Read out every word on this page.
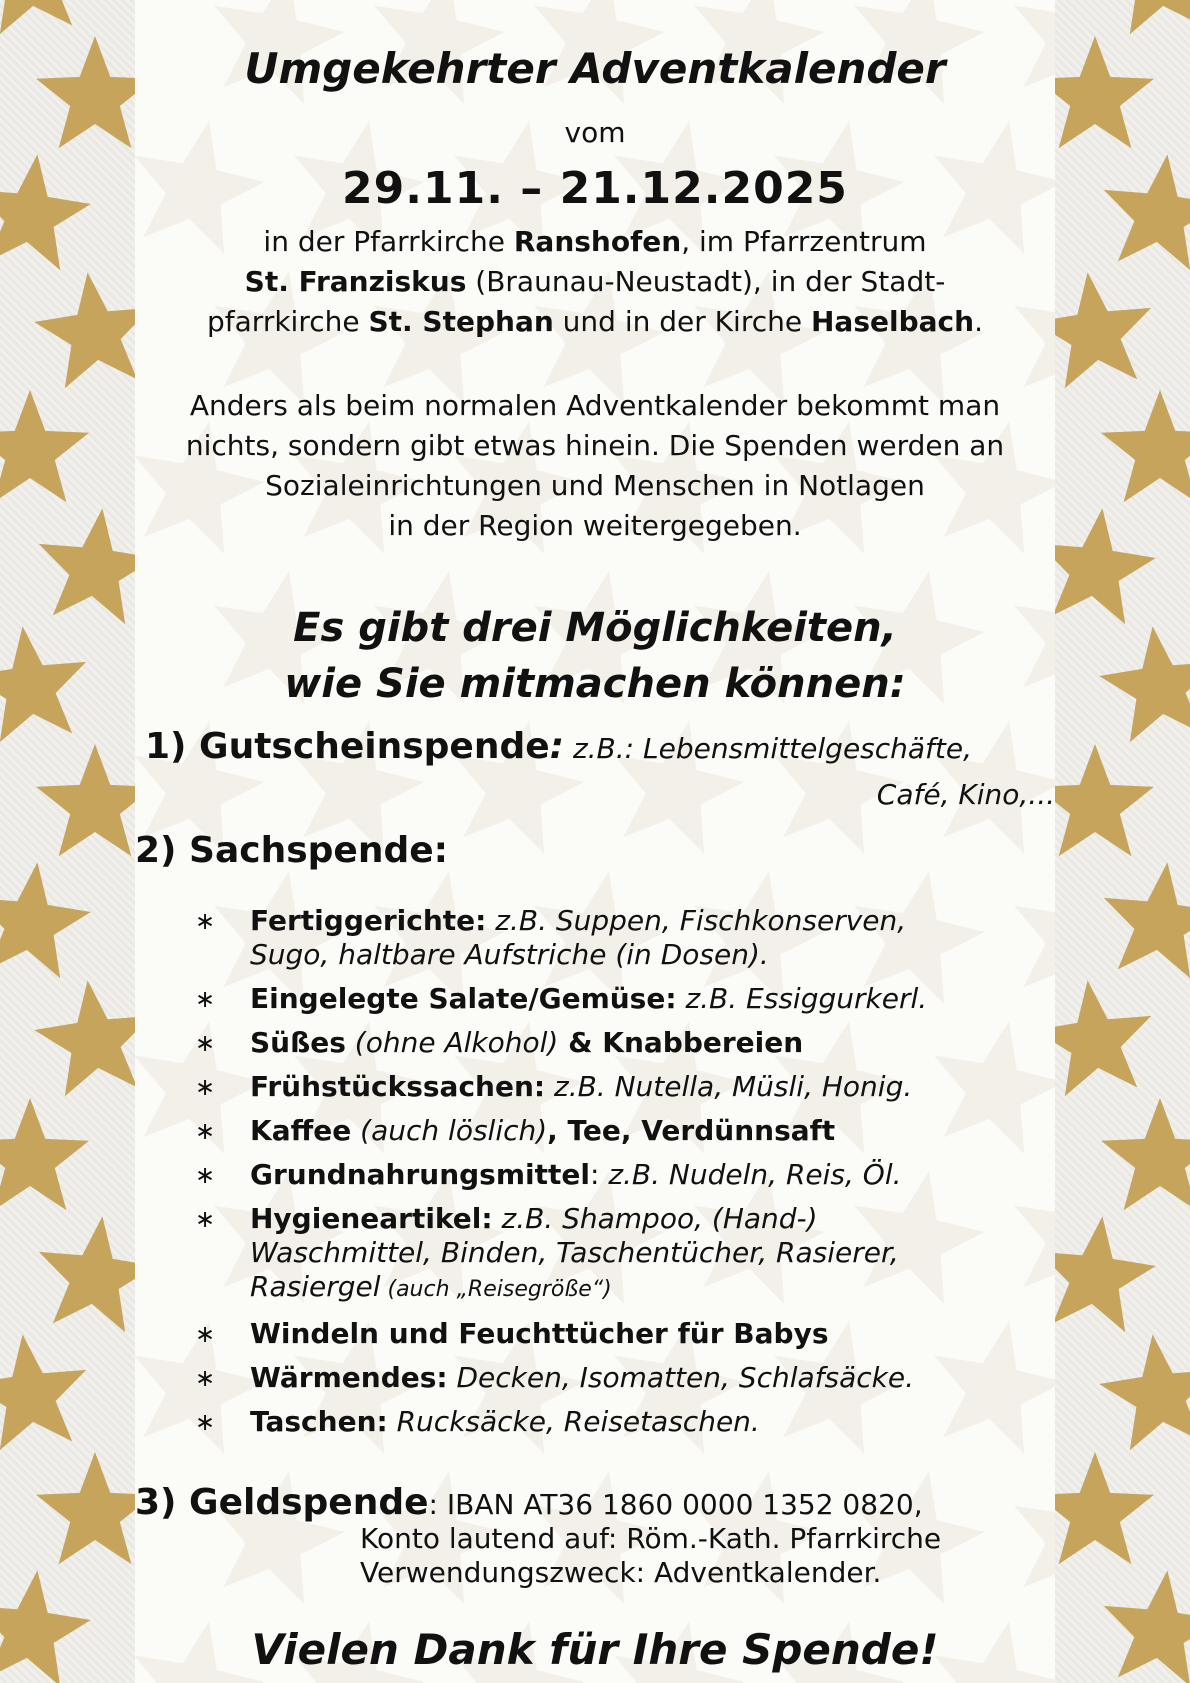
Umgekehrter Adventkalender
vom
29.11. – 21.12.2025
in der Pfarrkirche Ranshofen, im Pfarrzentrum
St. Franziskus (Braunau-Neustadt), in der Stadt-
pfarrkirche St. Stephan und in der Kirche Haselbach.
Anders als beim normalen Adventkalender bekommt man
nichts, sondern gibt etwas hinein. Die Spenden werden an
Sozialeinrichtungen und Menschen in Notlagen
in der Region weitergegeben.
Es gibt drei Möglichkeiten,
wie Sie mitmachen können:
1) Gutscheinspende: z.B.: Lebensmittelgeschäfte,
Café, Kino,...
2) Sachspende:
∗ Fertiggerichte: z.B. Suppen, Fischkonserven,
Sugo, haltbare Aufstriche (in Dosen).
∗ Eingelegte Salate/Gemüse: z.B. Essiggurkerl.
∗ Süßes (ohne Alkohol) & Knabbereien
∗ Frühstückssachen: z.B. Nutella, Müsli, Honig.
∗ Kaffee (auch löslich), Tee, Verdünnsaft
∗ Grundnahrungsmittel: z.B. Nudeln, Reis, Öl.
∗ Hygieneartikel: z.B. Shampoo, (Hand-)
Waschmittel, Binden, Taschentücher, Rasierer,
Rasiergel (auch „Reisegröße“)
∗ Windeln und Feuchttücher für Babys
∗ Wärmendes: Decken, Isomatten, Schlafsäcke.
∗ Taschen: Rucksäcke, Reisetaschen.
3) Geldspende: IBAN AT36 1860 0000 1352 0820,
Konto lautend auf: Röm.-Kath. Pfarrkirche
Verwendungszweck: Adventkalender.
Vielen Dank für Ihre Spende!
